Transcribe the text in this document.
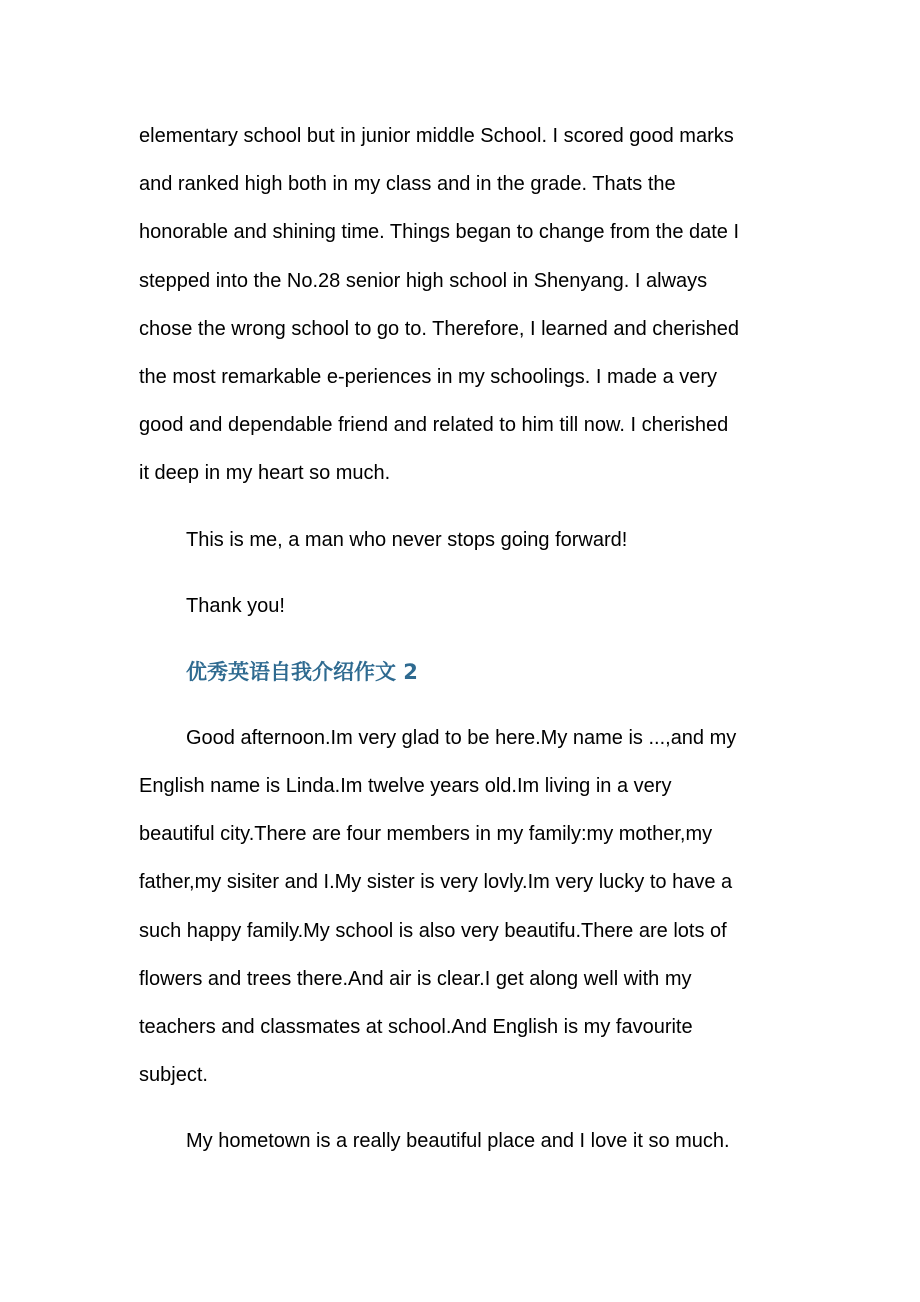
elementary school but in junior middle School. I scored good marks
and ranked high both in my class and in the grade. Thats the
honorable and shining time. Things began to change from the date I
stepped into the No.28 senior high school in Shenyang. I always
chose the wrong school to go to. Therefore, I learned and cherished
the most remarkable e-periences in my schoolings. I made a very
good and dependable friend and related to him till now. I cherished
it deep in my heart so much.
This is me, a man who never stops going forward!
Thank you!
优秀英语自我介绍作文 2
Good afternoon.Im very glad to be here.My name is ...,and my
English name is Linda.Im twelve years old.Im living in a very
beautiful city.There are four members in my family:my mother,my
father,my sisiter and I.My sister is very lovly.Im very lucky to have a
such happy family.My school is also very beautifu.There are lots of
flowers and trees there.And air is clear.I get along well with my
teachers and classmates at school.And English is my favourite
subject.
My hometown is a really beautiful place and I love it so much.
